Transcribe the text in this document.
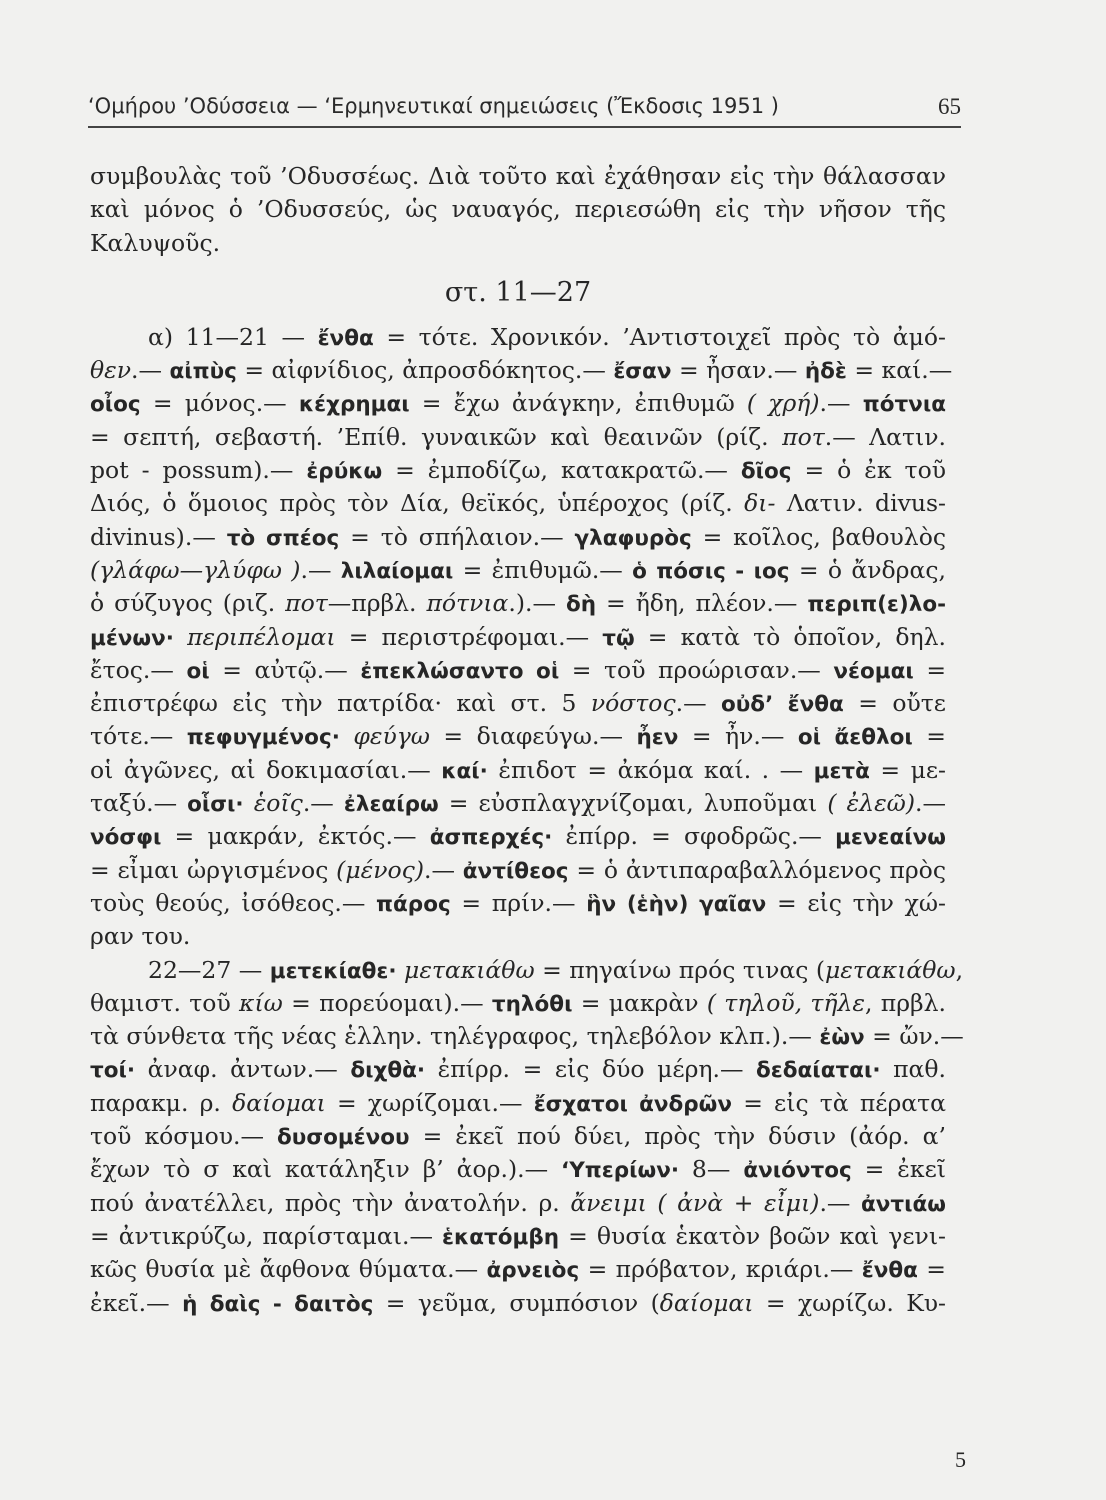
‘Ομήρου ’Οδύσσεια — ‘Ερμηνευτικαί σημειώσεις (Ἔκδοσις 1951 )	65
συμβουλὰς τοῦ ’Οδυσσέως. Διὰ τοῦτο καὶ ἐχάθησαν εἰς τὴν θάλασσαν
καὶ μόνος ὁ ’Οδυσσεύς, ὡς ναυαγός, περιεσώθη εἰς τὴν νῆσον τῆς
Καλυψοῦς.
στ. 11—27
α) 11—21 — ἔνθα = τότε. Χρονικόν. ’Αντιστοιχεῖ πρὸς τὸ ἀμό-
θεν.— αἰπὺς = αἰφνίδιος, ἀπροσδόκητος.— ἔσαν = ἦσαν.— ἠδὲ = καί.—
οἶος = μόνος.— κέχρημαι = ἔχω ἀνάγκην, ἐπιθυμῶ ( χρή).— πότνια
= σεπτή, σεβαστή. ’Επίθ. γυναικῶν καὶ θεαινῶν (ρίζ. ποτ.— Λατιν.
pot - possum).— ἐρύκω = ἐμποδίζω, κατακρατῶ.— δῖος = ὁ ἐκ τοῦ
Διός, ὁ ὅμοιος πρὸς τὸν Δία, θεϊκός, ὑπέροχος (ρίζ. δι- Λατιν. divus-
divinus).— τὸ σπέος = τὸ σπήλαιον.— γλαφυρὸς = κοῖλος, βαθουλὸς
(γλάφω—γλύφω ).— λιλαίομαι = ἐπιθυμῶ.— ὁ πόσις - ιος = ὁ ἄνδρας,
ὁ σύζυγος (ριζ. ποτ—πρβλ. πότνια.).— δὴ = ἤδη, πλέον.— περιπ(ε)λο-
μένων· περιπέλομαι = περιστρέφομαι.— τῷ = κατὰ τὸ ὁποῖον, δηλ.
ἔτος.— οἱ = αὐτῷ.— ἐπεκλώσαντο οἱ = τοῦ προώρισαν.— νέομαι =
ἐπιστρέφω εἰς τὴν πατρίδα· καὶ στ. 5 νόστος.— οὐδ’ ἔνθα = οὔτε
τότε.— πεφυγμένος· φεύγω = διαφεύγω.— ἦεν = ἦν.— οἱ ἄεθλοι =
οἱ ἀγῶνες, αἱ δοκιμασίαι.— καί· ἐπιδοτ = ἀκόμα καί. . — μετὰ = με-
ταξύ.— οἷσι· ἑοῖς.— ἐλεαίρω = εὐσπλαγχνίζομαι, λυποῦμαι ( ἐλεῶ).—
νόσφι = μακράν, ἐκτός.— ἀσπερχές· ἐπίρρ. = σφοδρῶς.— μενεαίνω
= εἶμαι ὠργισμένος (μένος).— ἀντίθεος = ὁ ἀντιπαραβαλλόμενος πρὸς
τοὺς θεούς, ἰσόθεος.— πάρος = πρίν.— ἣν (ἑὴν) γαῖαν = εἰς τὴν χώ-
ραν του.
22—27 — μετεκίαθε· μετακιάθω = πηγαίνω πρός τινας (μετακιάθω,
θαμιστ. τοῦ κίω = πορεύομαι).— τηλόθι = μακρὰν ( τηλοῦ, τῆλε, πρβλ.
τὰ σύνθετα τῆς νέας ἑλλην. τηλέγραφος, τηλεβόλον κλπ.).— ἐὼν = ὤν.—
τοί· ἀναφ. ἀντων.— διχθὰ· ἐπίρρ. = εἰς δύο μέρη.— δεδαίαται· παθ.
παρακμ. ρ. δαίομαι = χωρίζομαι.— ἔσχατοι ἀνδρῶν = εἰς τὰ πέρατα
τοῦ κόσμου.— δυσομένου = ἐκεῖ πού δύει, πρὸς τὴν δύσιν (ἀόρ. α’
ἔχων τὸ σ καὶ κατάληξιν β’ ἀορ.).— ‘Υπερίων· 8— ἀνιόντος = ἐκεῖ
πού ἀνατέλλει, πρὸς τὴν ἀνατολήν. ρ. ἄνειμι ( ἀνὰ + εἶμι).— ἀντιάω
= ἀντικρύζω, παρίσταμαι.— ἑκατόμβη = θυσία ἑκατὸν βοῶν καὶ γενι-
κῶς θυσία μὲ ἄφθονα θύματα.— ἀρνειὸς = πρόβατον, κριάρι.— ἔνθα =
ἐκεῖ.— ἡ δαὶς - δαιτὸς = γεῦμα, συμπόσιον (δαίομαι = χωρίζω. Κυ-
5
